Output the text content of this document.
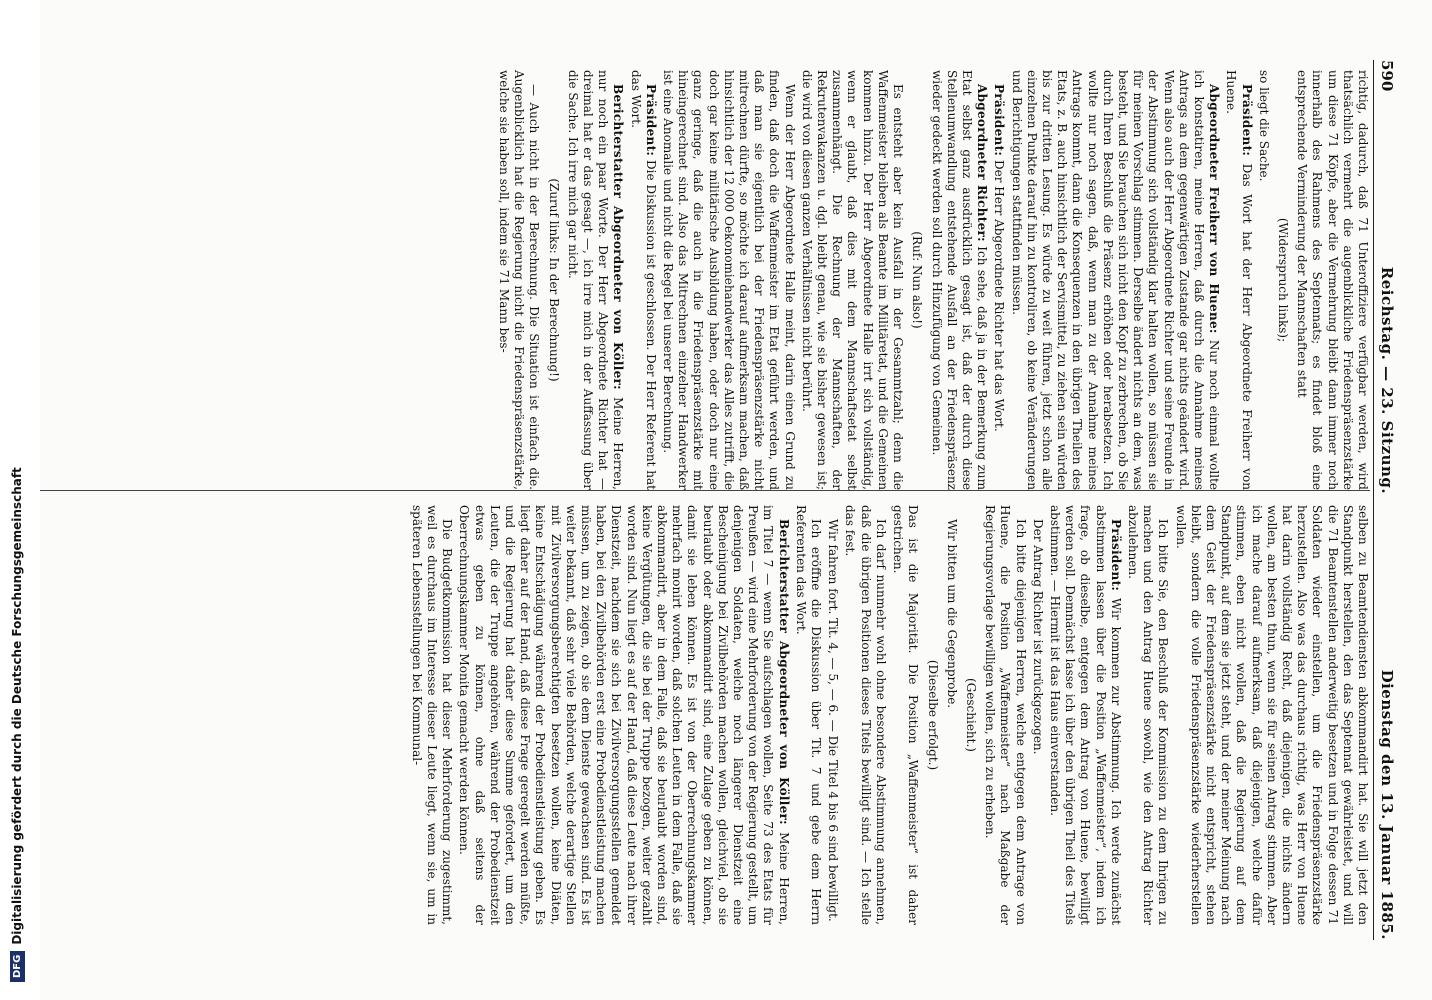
590
Reichstag. — 23. Sitzung.
Dienstag den 13. Januar 1885.

richtig, dadurch, daß 71 Unteroffiziere verfügbar werden, wird thatsächlich vermehrt die augenblickliche Friedenspräsenzstärke um diese 71 Köpfe, aber die Vermehrung bleibt dann immer noch innerhalb des Rahmens des Septennats; es findet bloß eine entsprechende Verminderung der Mannschaften statt

(Widerspruch links);

so liegt die Sache.

Präsident: Das Wort hat der Herr Abgeordnete Freiherr von Huene.

Abgeordneter Freiherr von Huene: Nur noch einmal wollte ich konstatiren, meine Herren, daß durch die Annahme meines Antrags an dem gegenwärtigen Zustande gar nichts geändert wird. Wenn also auch der Herr Abgeordnete Richter und seine Freunde in der Abstimmung sich vollständig klar halten wollen, so müssen sie für meinen Vorschlag stimmen. Derselbe ändert nichts an dem, was besteht, und Sie brauchen sich nicht den Kopf zu zerbrechen, ob Sie durch Ihren Beschluß die Präsenz erhöhen oder herabsetzen. Ich wollte nur noch sagen, daß, wenn man zu der Annahme meines Antrags kommt, dann die Konsequenzen in den übrigen Theilen des Etats, z. B. auch hinsichtlich der Servismittel, zu ziehen sein würden bis zur dritten Lesung. Es würde zu weit führen, jetzt schon alle einzelnen Punkte darauf hin zu kontroliren, ob keine Veränderungen und Berichtigungen stattfinden müssen.

Präsident: Der Herr Abgeordnete Richter hat das Wort.

Abgeordneter Richter: Ich sehe, daß ja in der Bemerkung zum Etat selbst ganz ausdrücklich gesagt ist, daß der durch diese Stellenumwandlung entstehende Ausfall an der Friedenspräsenz wieder gedeckt werden soll durch Hinzufügung von Gemeinen.

(Ruf: Nun also!)

Es entsteht aber kein Ausfall in der Gesammtzahl; denn die Waffenmeister bleiben als Beamte im Militäretat, und die Gemeinen kommen hinzu. Der Herr Abgeordnete Halle irrt sich vollständig, wenn er glaubt, daß dies mit dem Mannschaftsetat selbst zusammenhängt. Die Rechnung der Mannschaften, der Rekrutenvakanzen u. dgl. bleibt genau, wie sie bisher gewesen ist; die wird von diesen ganzen Verhältnissen nicht berührt.

Wenn der Herr Abgeordnete Halle meint, darin einen Grund zu finden, daß doch die Waffenmeister im Etat geführt werden, und daß man sie eigentlich bei der Friedenspräsenzstärke nicht mitrechnen dürfte, so möchte ich darauf aufmerksam machen, daß hinsichtlich der 12 000 Oekonomiehandwerker das Alles zutrifft, die doch gar keine militärische Ausbildung haben, oder doch nur eine ganz geringe, daß die auch in die Friedenspräsenzstärke mit hineingerechnet sind. Also das Mitrechnen einzelner Handwerker ist eine Anomalie und nicht die Regel bei unserer Berechnung.

Präsident: Die Diskussion ist geschlossen. Der Herr Referent hat das Wort.

Berichterstatter Abgeordneter von Köller: Meine Herren, nur noch ein paar Worte. Der Herr Abgeordnete Richter hat — dreimal hat er das gesagt —, ich irre mich in der Auffassung über die Sache. Ich irre mich gar nicht.

(Zuruf links: In der Berechnung!)

— Auch nicht in der Berechnung. Die Situation ist einfach die. Augenblicklich hat die Regierung nicht die Friedenspräsenzstärke, welche sie haben soll, indem sie 71 Mann bes-

selben zu Beamtendiensten abkommandirt hat. Sie will jetzt den Standpunkt herstellen, den das Septennat gewährleistet, und will die 71 Beamtenstellen anderweitig besetzen und in Folge dessen 71 Soldaten wieder einstellen, um die Friedenspräsenzstärke herzustellen. Also was das durchaus richtig, was Herr von Huene hat darin vollständig Recht, daß diejenigen, die nichts ändern wollen, am besten thun, wenn sie für seinen Antrag stimmen. Aber ich mache darauf aufmerksam, daß diejenigen, welche dafür stimmen, eben nicht wollen, daß die Regierung auf dem Standpunkt, auf dem sie jetzt steht, und der meiner Meinung nach dem Geist der Friedenspräsenzstärke nicht entspricht, stehen bleibt, sondern die volle Friedenspräsenzstärke wiederherstellen wollen.

Ich bitte Sie, den Beschluß der Kommission zu dem Ihrigen zu machen und den Antrag Huene sowohl, wie den Antrag Richter abzulehnen.

Präsident: Wir kommen zur Abstimmung. Ich werde zunächst abstimmen lassen über die Position „Waffenmeister“, indem ich frage, ob dieselbe, entgegen dem Antrag von Huene, bewilligt werden soll. Demnächst lasse ich über den übrigen Theil des Titels abstimmen. — Hiermit ist das Haus einverstanden.

Der Antrag Richter ist zurückgezogen.

Ich bitte diejenigen Herren, welche entgegen dem Antrage von Huene, die Position „Waffenmeister“ nach Maßgabe der Regierungsvorlage bewilligen wollen, sich zu erheben.

(Geschieht.)

Wir bitten um die Gegenprobe.

(Dieselbe erfolgt.)

Das ist die Majorität. Die Position „Waffenmeister“ ist daher gestrichen.

Ich darf nunmehr wohl ohne besondere Abstimmung annehmen, daß die übrigen Positionen dieses Titels bewilligt sind. — Ich stelle das fest.

Wir fahren fort. Tit. 4, — 5, — 6. — Die Titel 4 bis 6 sind bewilligt.

Ich eröffne die Diskussion über Tit. 7 und gebe dem Herrn Referenten das Wort.

Berichterstatter Abgeordneter von Köller: Meine Herren, im Titel 7 — wenn Sie aufschlagen wollen, Seite 73 des Etats für Preußen — wird eine Mehrforderung von der Regierung gestellt, um denjenigen Soldaten, welche noch längerer Dienstzeit eine Bescheinigung bei Zivilbehörden machen wollen, gleichviel, ob sie beurlaubt oder abkommandirt sind, eine Zulage geben zu können, damit sie leben können. Es ist von der Oberrechnungskammer mehrfach monirt worden, daß solchen Leuten in dem Falle, daß sie abkommandirt, aber in dem Falle, daß sie beurlaubt worden sind, keine Vergütungen, die sie bei der Truppe bezogen, weiter gezahlt worden sind. Nun liegt es auf der Hand, daß diese Leute nach ihrer Dienstzeit, nachdem sie sich bei Zivilversorgungsstellen gemeldet haben, bei den Zivilbehörden erst eine Probedienstleistung machen müssen, um zu zeigen, ob sie dem Dienste gewachsen sind. Es ist weiter bekannt, daß sehr viele Behörden, welche derartige Stellen mit Zivilversorgungsberechtigten besetzen wollen, keine Diäten, keine Entschädigung während der Probedienstleistung geben. Es liegt daher auf der Hand, daß diese Frage geregelt werden müßte, und die Regierung hat daher diese Summe gefordert, um den Leuten, die der Truppe angehören, während der Probedienstzeit etwas geben zu können, ohne daß seitens der Oberrechnungskammer Monita gemacht werden können.

Die Budgetkommission hat dieser Mehrforderung zugestimmt, weil es durchaus im Interesse dieser Leute liegt, wenn sie, um in späteren Lebensstellungen bei Kommunal-

DFG
Digitalisierung gefördert durch die Deutsche Forschungsgemeinschaft
